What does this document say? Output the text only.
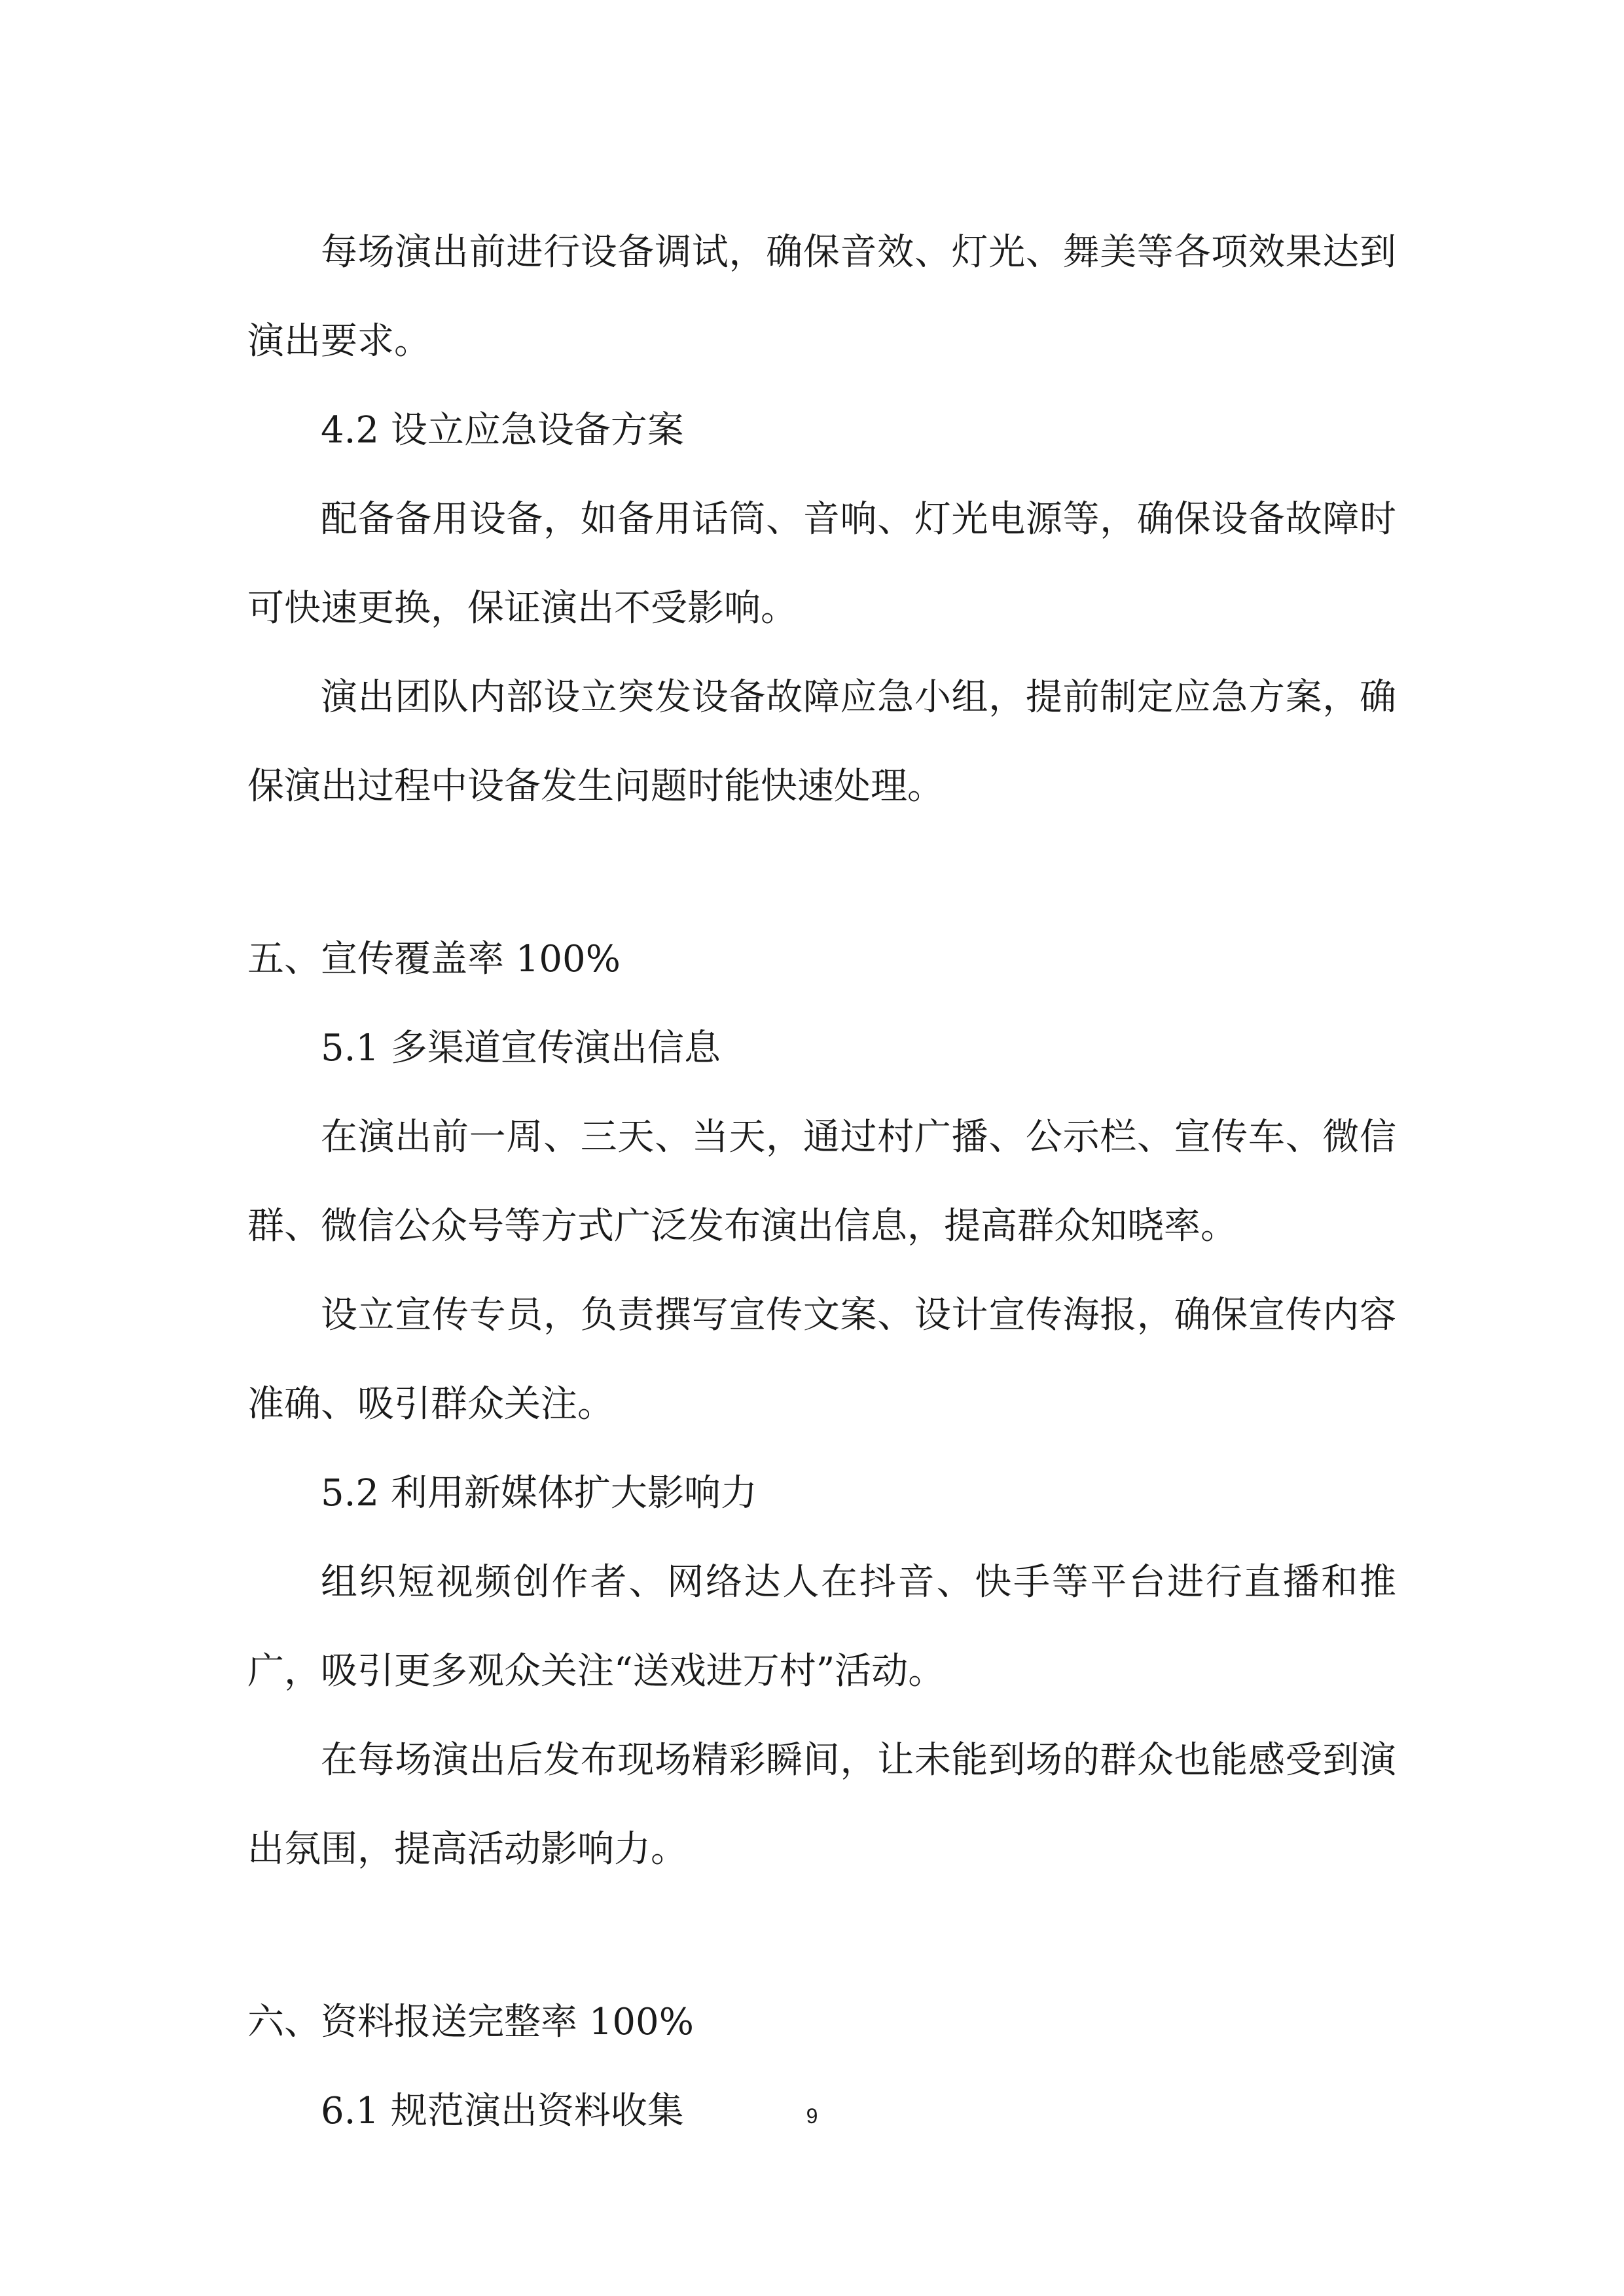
每场演出前进行设备调试，确保音效、灯光、舞美等各项效果达到演出要求。

4.2 设立应急设备方案

配备备用设备，如备用话筒、音响、灯光电源等，确保设备故障时可快速更换，保证演出不受影响。

演出团队内部设立突发设备故障应急小组，提前制定应急方案，确保演出过程中设备发生问题时能快速处理。

五、宣传覆盖率 100%

5.1 多渠道宣传演出信息

在演出前一周、三天、当天，通过村广播、公示栏、宣传车、微信群、微信公众号等方式广泛发布演出信息，提高群众知晓率。

设立宣传专员，负责撰写宣传文案、设计宣传海报，确保宣传内容准确、吸引群众关注。

5.2 利用新媒体扩大影响力

组织短视频创作者、网络达人在抖音、快手等平台进行直播和推广，吸引更多观众关注“送戏进万村”活动。

在每场演出后发布现场精彩瞬间，让未能到场的群众也能感受到演出氛围，提高活动影响力。

六、资料报送完整率 100%

6.1 规范演出资料收集	9
